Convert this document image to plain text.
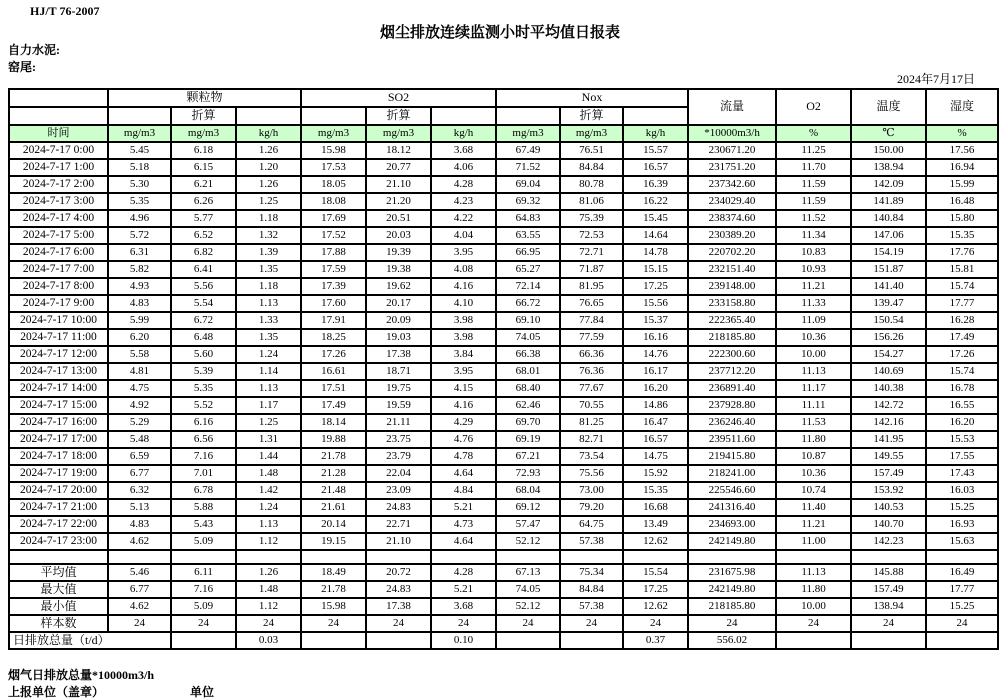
HJ/T 76-2007
烟尘排放连续监测小时平均值日报表
自力水泥:
窑尾:
2024年7月17日
	颗粒物			SO2			Nox			流量	O2	温度	湿度
		折算			折算			折算					
时间	mg/m3	mg/m3	kg/h	mg/m3	mg/m3	kg/h	mg/m3	mg/m3	kg/h	*10000m3/h	%	℃	%
2024-7-17 0:00	5.45	6.18	1.26	15.98	18.12	3.68	67.49	76.51	15.57	230671.20	11.25	150.00	17.56
2024-7-17 1:00	5.18	6.15	1.20	17.53	20.77	4.06	71.52	84.84	16.57	231751.20	11.70	138.94	16.94
2024-7-17 2:00	5.30	6.21	1.26	18.05	21.10	4.28	69.04	80.78	16.39	237342.60	11.59	142.09	15.99
2024-7-17 3:00	5.35	6.26	1.25	18.08	21.20	4.23	69.32	81.06	16.22	234029.40	11.59	141.89	16.48
2024-7-17 4:00	4.96	5.77	1.18	17.69	20.51	4.22	64.83	75.39	15.45	238374.60	11.52	140.84	15.80
2024-7-17 5:00	5.72	6.52	1.32	17.52	20.03	4.04	63.55	72.53	14.64	230389.20	11.34	147.06	15.35
2024-7-17 6:00	6.31	6.82	1.39	17.88	19.39	3.95	66.95	72.71	14.78	220702.20	10.83	154.19	17.76
2024-7-17 7:00	5.82	6.41	1.35	17.59	19.38	4.08	65.27	71.87	15.15	232151.40	10.93	151.87	15.81
2024-7-17 8:00	4.93	5.56	1.18	17.39	19.62	4.16	72.14	81.95	17.25	239148.00	11.21	141.40	15.74
2024-7-17 9:00	4.83	5.54	1.13	17.60	20.17	4.10	66.72	76.65	15.56	233158.80	11.33	139.47	17.77
2024-7-17 10:00	5.99	6.72	1.33	17.91	20.09	3.98	69.10	77.84	15.37	222365.40	11.09	150.54	16.28
2024-7-17 11:00	6.20	6.48	1.35	18.25	19.03	3.98	74.05	77.59	16.16	218185.80	10.36	156.26	17.49
2024-7-17 12:00	5.58	5.60	1.24	17.26	17.38	3.84	66.38	66.36	14.76	222300.60	10.00	154.27	17.26
2024-7-17 13:00	4.81	5.39	1.14	16.61	18.71	3.95	68.01	76.36	16.17	237712.20	11.13	140.69	15.74
2024-7-17 14:00	4.75	5.35	1.13	17.51	19.75	4.15	68.40	77.67	16.20	236891.40	11.17	140.38	16.78
2024-7-17 15:00	4.92	5.52	1.17	17.49	19.59	4.16	62.46	70.55	14.86	237928.80	11.11	142.72	16.55
2024-7-17 16:00	5.29	6.16	1.25	18.14	21.11	4.29	69.70	81.25	16.47	236246.40	11.53	142.16	16.20
2024-7-17 17:00	5.48	6.56	1.31	19.88	23.75	4.76	69.19	82.71	16.57	239511.60	11.80	141.95	15.53
2024-7-17 18:00	6.59	7.16	1.44	21.78	23.79	4.78	67.21	73.54	14.75	219415.80	10.87	149.55	17.55
2024-7-17 19:00	6.77	7.01	1.48	21.28	22.04	4.64	72.93	75.56	15.92	218241.00	10.36	157.49	17.43
2024-7-17 20:00	6.32	6.78	1.42	21.48	23.09	4.84	68.04	73.00	15.35	225546.60	10.74	153.92	16.03
2024-7-17 21:00	5.13	5.88	1.24	21.61	24.83	5.21	69.12	79.20	16.68	241316.40	11.40	140.53	15.25
2024-7-17 22:00	4.83	5.43	1.13	20.14	22.71	4.73	57.47	64.75	13.49	234693.00	11.21	140.70	16.93
2024-7-17 23:00	4.62	5.09	1.12	19.15	21.10	4.64	52.12	57.38	12.62	242149.80	11.00	142.23	15.63

平均值	5.46	6.11	1.26	18.49	20.72	4.28	67.13	75.34	15.54	231675.98	11.13	145.88	16.49
最大值	6.77	7.16	1.48	21.78	24.83	5.21	74.05	84.84	17.25	242149.80	11.80	157.49	17.77
最小值	4.62	5.09	1.12	15.98	17.38	3.68	52.12	57.38	12.62	218185.80	10.00	138.94	15.25
样本数	24	24	24	24	24	24	24	24	24	24	24	24	24
日排放总量（t/d）			0.03			0.10			0.37	556.02			
烟气日排放总量*10000m3/h
上报单位（盖章）	单位
